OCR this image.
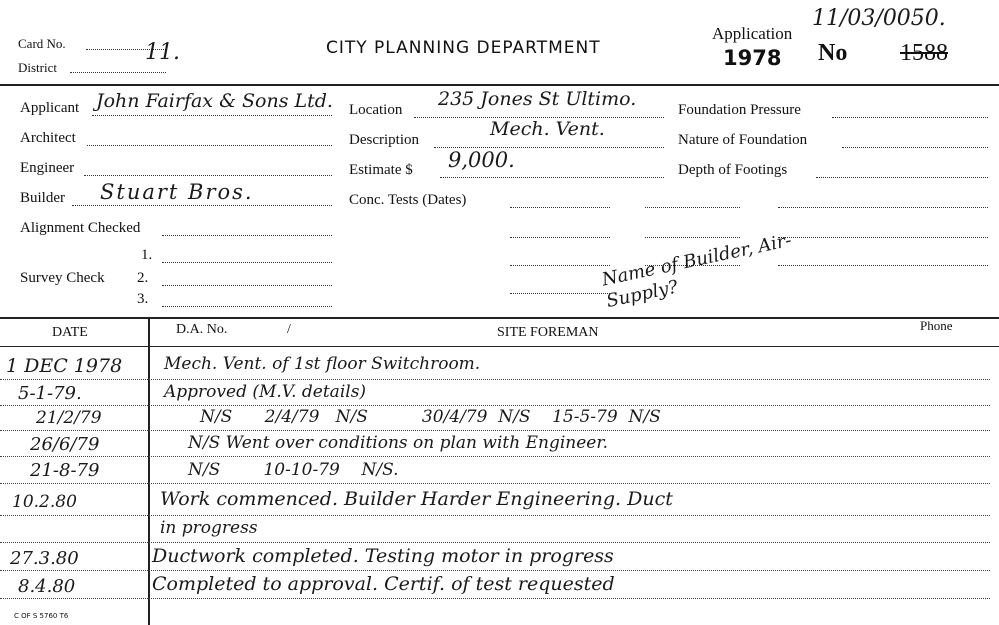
Card No.	11.
District
CITY PLANNING DEPARTMENT
Application
1978
11/03/0050.
No 1588
Applicant John Fairfax & Sons Ltd.
Architect
Engineer
Builder Stuart Bros.
Alignment Checked
Survey Check
1.
2.
3.
Location 235 Jones St Ultimo.
Description	Mech. Vent.
Estimate $ 9,000.
Conc. Tests (Dates)
Foundation Pressure
Nature of Foundation
Depth of Footings
Name of Builder, Air-Supply?
DATE	D.A. No.	/	SITE FOREMAN	Phone
1 DEC 1978 Mech. Vent. of 1st floor Switchroom.
5-1-79.	Approved (M.V. details)
21/2/79	N/S      2/4/79   N/S          30/4/79  N/S    15-5-79  N/S
26/6/79	N/S Went over conditions on plan with Engineer.
21-8-79	N/S        10-10-79    N/S.
10.2.80	Work commenced. Builder Harder Engineering. Duct
in progress
27.3.80	Ductwork completed. Testing motor in progress
8.4.80	Completed to approval. Certif. of test requested
C OF S 5760 T6
